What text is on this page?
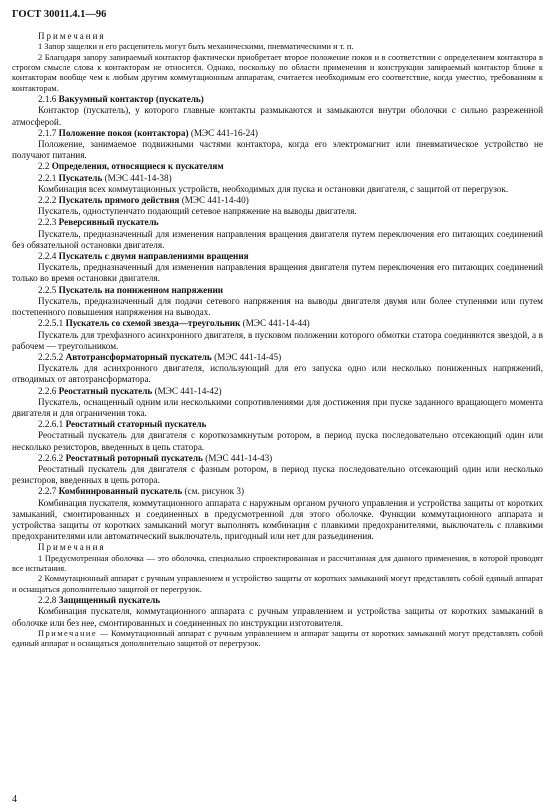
ГОСТ 30011.4.1—96
Примечания
1 Запор защелки и его расцепитель могут быть механическими, пневматическими и т. п.
2 Благодаря запору запираемый контактор фактически приобретает второе положение покоя и в соответствии с определением контактора в строгом смысле слова к контакторам не относится. Однако, поскольку по области применения и конструкции запираемый контактор ближе к контакторам вообще чем к любым другим коммутационным аппаратам, считается необходимым его соответствие, когда уместно, требованиям к контакторам.
2.1.6 Вакуумный контактор (пускатель)
Контактор (пускатель), у которого главные контакты размыкаются и замыкаются внутри оболочки с сильно разреженной атмосферой.
2.1.7 Положение покоя (контактора) (МЭС 441-16-24)
Положение, занимаемое подвижными частями контактора, когда его электромагнит или пневматическое устройство не получают питания.
2.2 Определения, относящиеся к пускателям
2.2.1 Пускатель (МЭС 441-14-38)
Комбинация всех коммутационных устройств, необходимых для пуска и остановки двигателя, с защитой от перегрузок.
2.2.2 Пускатель прямого действия (МЭС 441-14-40)
Пускатель, одноступенчато подающий сетевое напряжение на выводы двигателя.
2.2.3 Реверсивный пускатель
Пускатель, предназначенный для изменения направления вращения двигателя путем переключения его питающих соединений без обязательной остановки двигателя.
2.2.4 Пускатель с двумя направлениями вращения
Пускатель, предназначенный для изменения направления вращения двигателя путем переключения его питающих соединений только во время остановки двигателя.
2.2.5 Пускатель на пониженном напряжении
Пускатель, предназначенный для подачи сетевого напряжения на выводы двигателя двумя или более ступенями или путем постепенного повышения напряжения на выводах.
2.2.5.1 Пускатель со схемой звезда—треугольник (МЭС 441-14-44)
Пускатель для трехфазного асинхронного двигателя, в пусковом положении которого обмотки статора соединяются звездой, а в рабочем — треугольником.
2.2.5.2 Автотрансформаторный пускатель (МЭС 441-14-45)
Пускатель для асинхронного двигателя, использующий для его запуска одно или несколько пониженных напряжений, отводимых от автотрансформатора.
2.2.6 Реостатный пускатель (МЭС 441-14-42)
Пускатель, оснащенный одним или несколькими сопротивлениями для достижения при пуске заданного вращающего момента двигателя и для ограничения тока.
2.2.6.1 Реостатный статорный пускатель
Реостатный пускатель для двигателя с короткозамкнутым ротором, в период пуска последовательно отсекающий один или несколько резисторов, введенных в цепь статора.
2.2.6.2 Реостатный роторный пускатель (МЭС 441-14-43)
Реостатный пускатель для двигателя с фазным ротором, в период пуска последовательно отсекающий один или несколько резисторов, введенных в цепь ротора.
2.2.7 Комбинированный пускатель (см. рисунок 3)
Комбинация пускателя, коммутационного аппарата с наружным органом ручного управления и устройства защиты от коротких замыканий, смонтированных и соединенных в предусмотренной для этого оболочке. Функции коммутационного аппарата и устройства защиты от коротких замыканий могут выполнять комбинация с плавкими предохранителями, выключатель с плавкими предохранителями или автоматический выключатель, пригодный или нет для разъединения.
Примечания
1 Предусмотренная оболочка — это оболочка, специально спроектированная и рассчитанная для данного применения, в которой проводят все испытания.
2 Коммутационный аппарат с ручным управлением и устройство защиты от коротких замыканий могут представлять собой единый аппарат и оснащаться дополнительно защитой от перегрузок.
2.2.8 Защищенный пускатель
Комбинация пускателя, коммутационного аппарата с ручным управлением и устройства защиты от коротких замыканий в оболочке или без нее, смонтированных и соединенных по инструкции изготовителя.
Примечание — Коммутационный аппарат с ручным управлением и аппарат защиты от коротких замыканий могут представлять собой единый аппарат и оснащаться дополнительно защитой от перегрузок.
4
